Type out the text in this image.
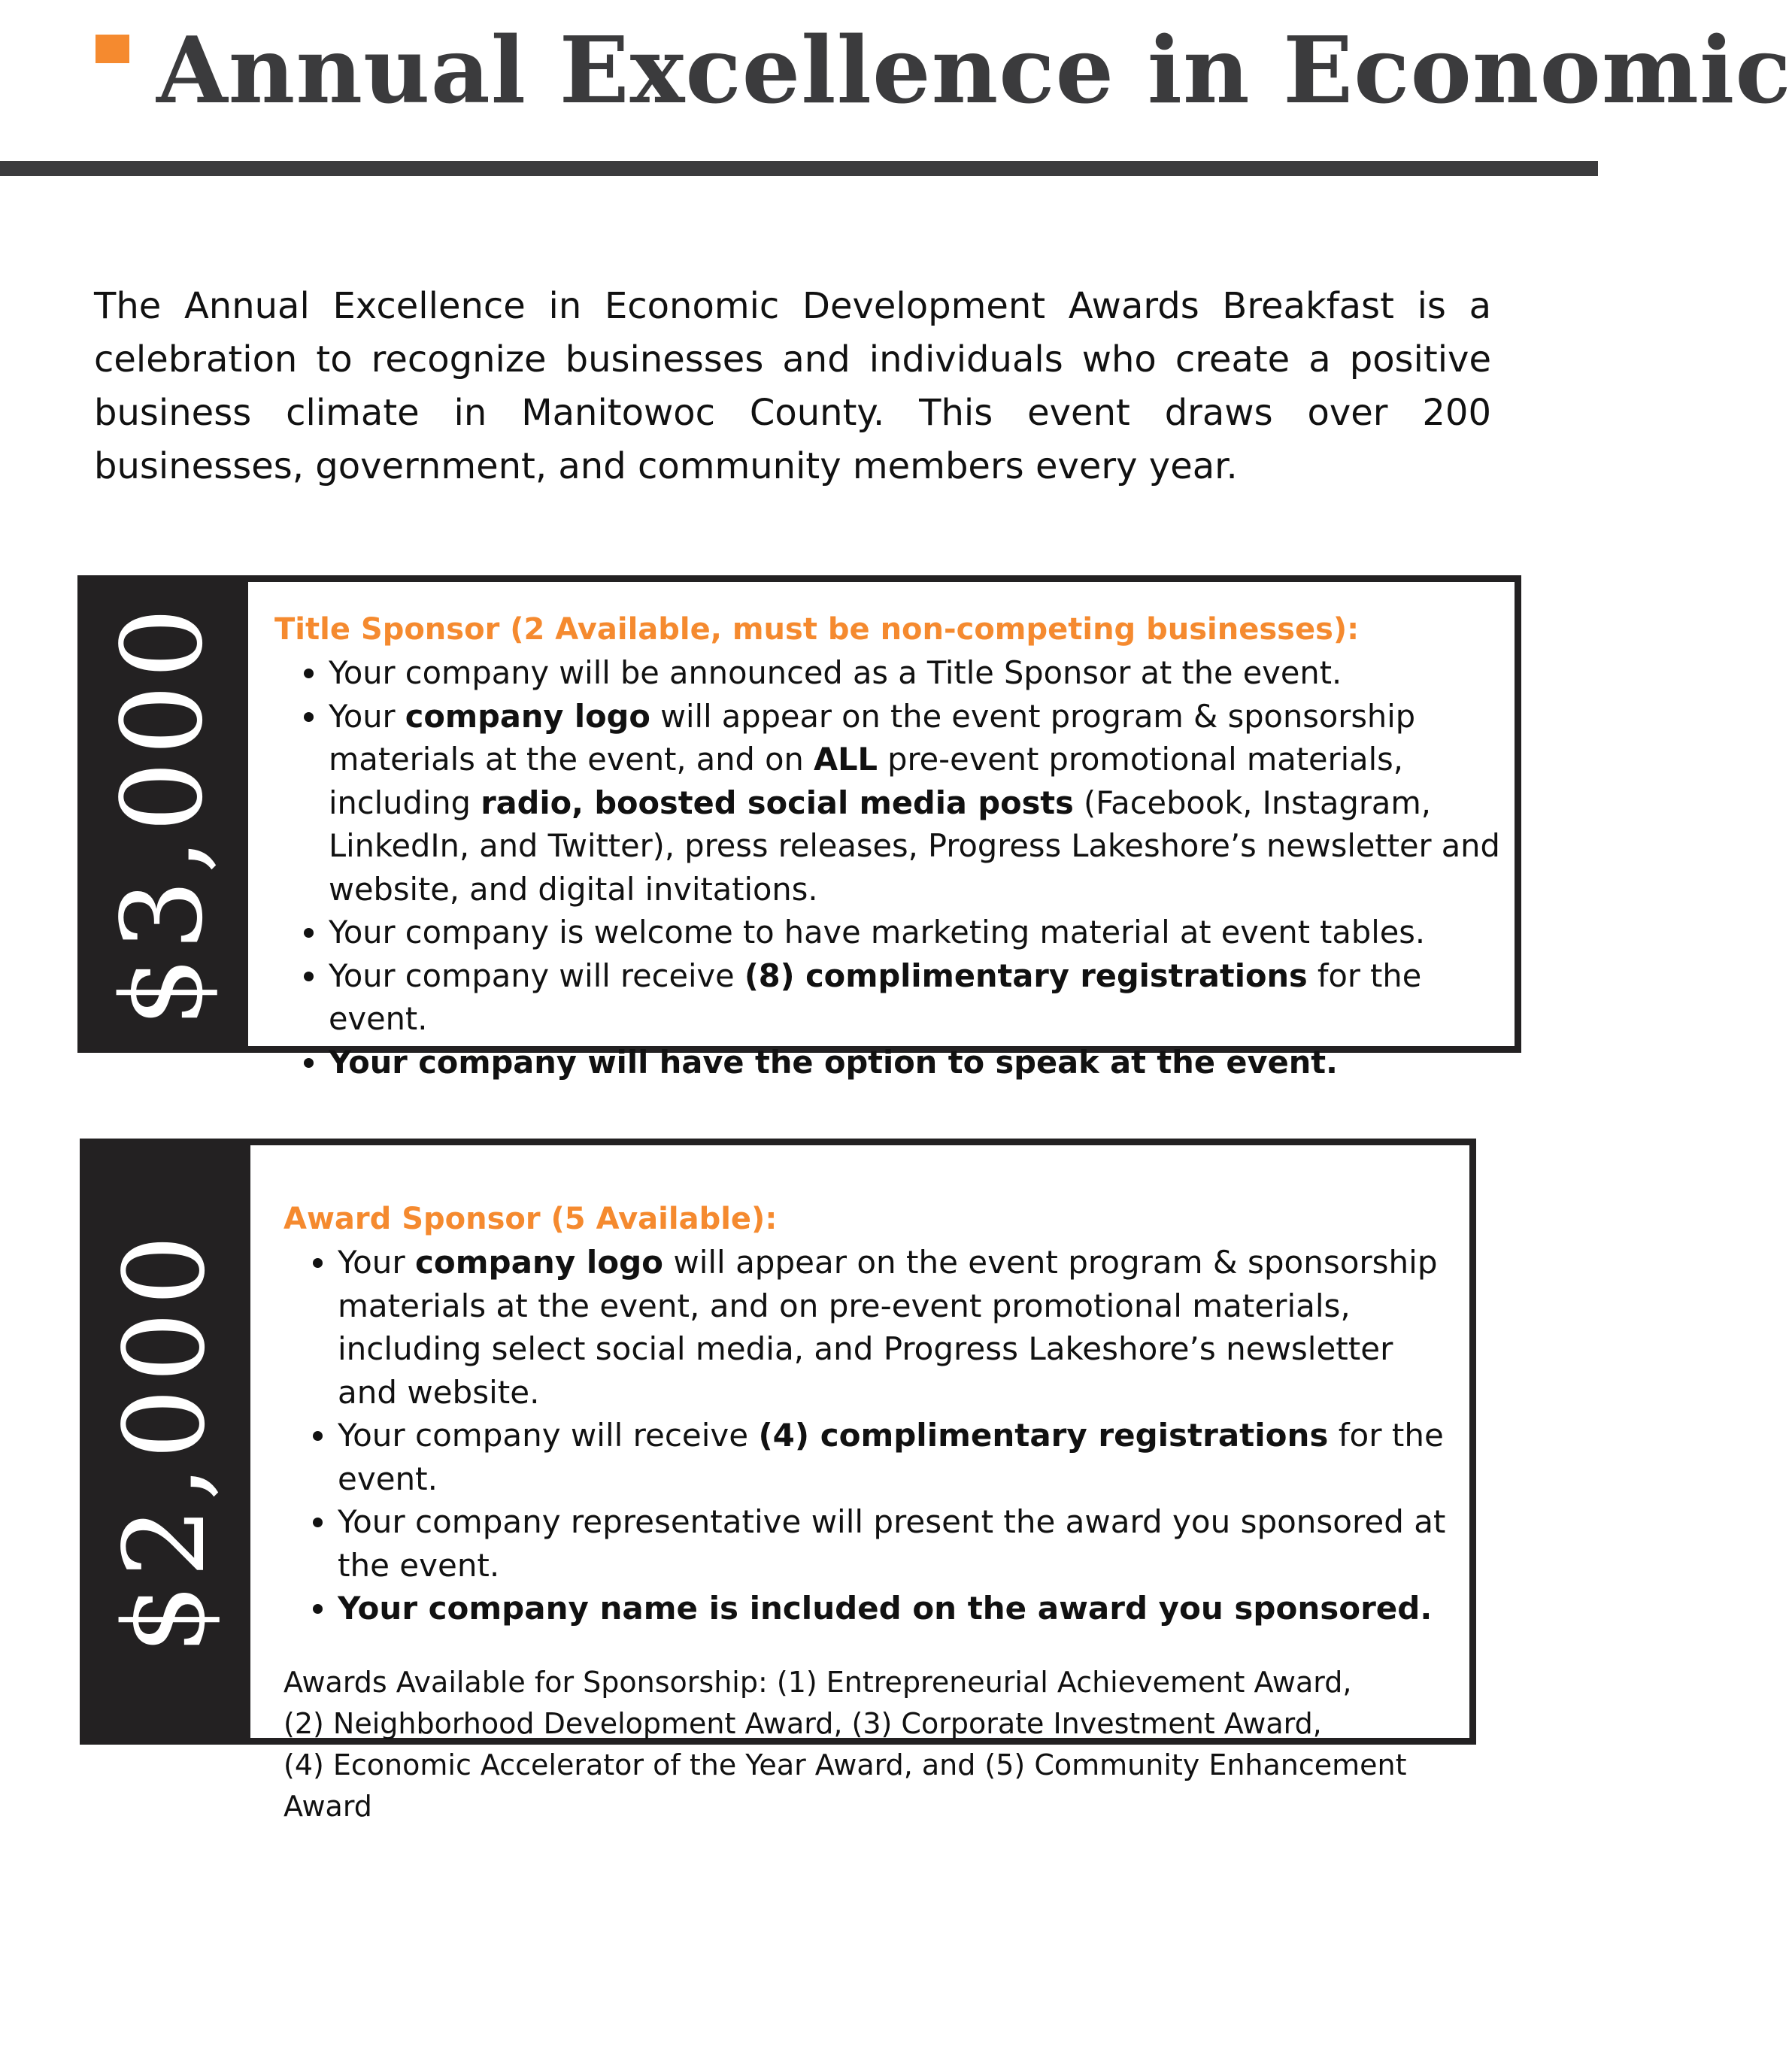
Annual Excellence in Economic

The Annual Excellence in Economic Development Awards Breakfast is a celebration to recognize businesses and individuals who create a positive business climate in Manitowoc County. This event draws over 200 businesses, government, and community members every year.

$3,000 Title Sponsor (2 Available, must be non-competing businesses):
• Your company will be announced as a Title Sponsor at the event.
• Your company logo will appear on the event program & sponsorship materials at the event, and on ALL pre-event promotional materials, including radio, boosted social media posts (Facebook, Instagram, LinkedIn, and Twitter), press releases, Progress Lakeshore’s newsletter and website, and digital invitations.
• Your company is welcome to have marketing material at event tables.
• Your company will receive (8) complimentary registrations for the event.
• Your company will have the option to speak at the event.
$2,000
Award Sponsor (5 Available):
• Your company logo will appear on the event program & sponsorship materials at the event, and on pre-event promotional materials, including select social media, and Progress Lakeshore’s newsletter and website.
• Your company will receive (4) complimentary registrations for the event.
• Your company representative will present the award you sponsored at the event.
• Your company name is included on the award you sponsored.
Awards Available for Sponsorship: (1) Entrepreneurial Achievement Award,
(2) Neighborhood Development Award, (3) Corporate Investment Award,
(4) Economic Accelerator of the Year Award, and (5) Community Enhancement Award
